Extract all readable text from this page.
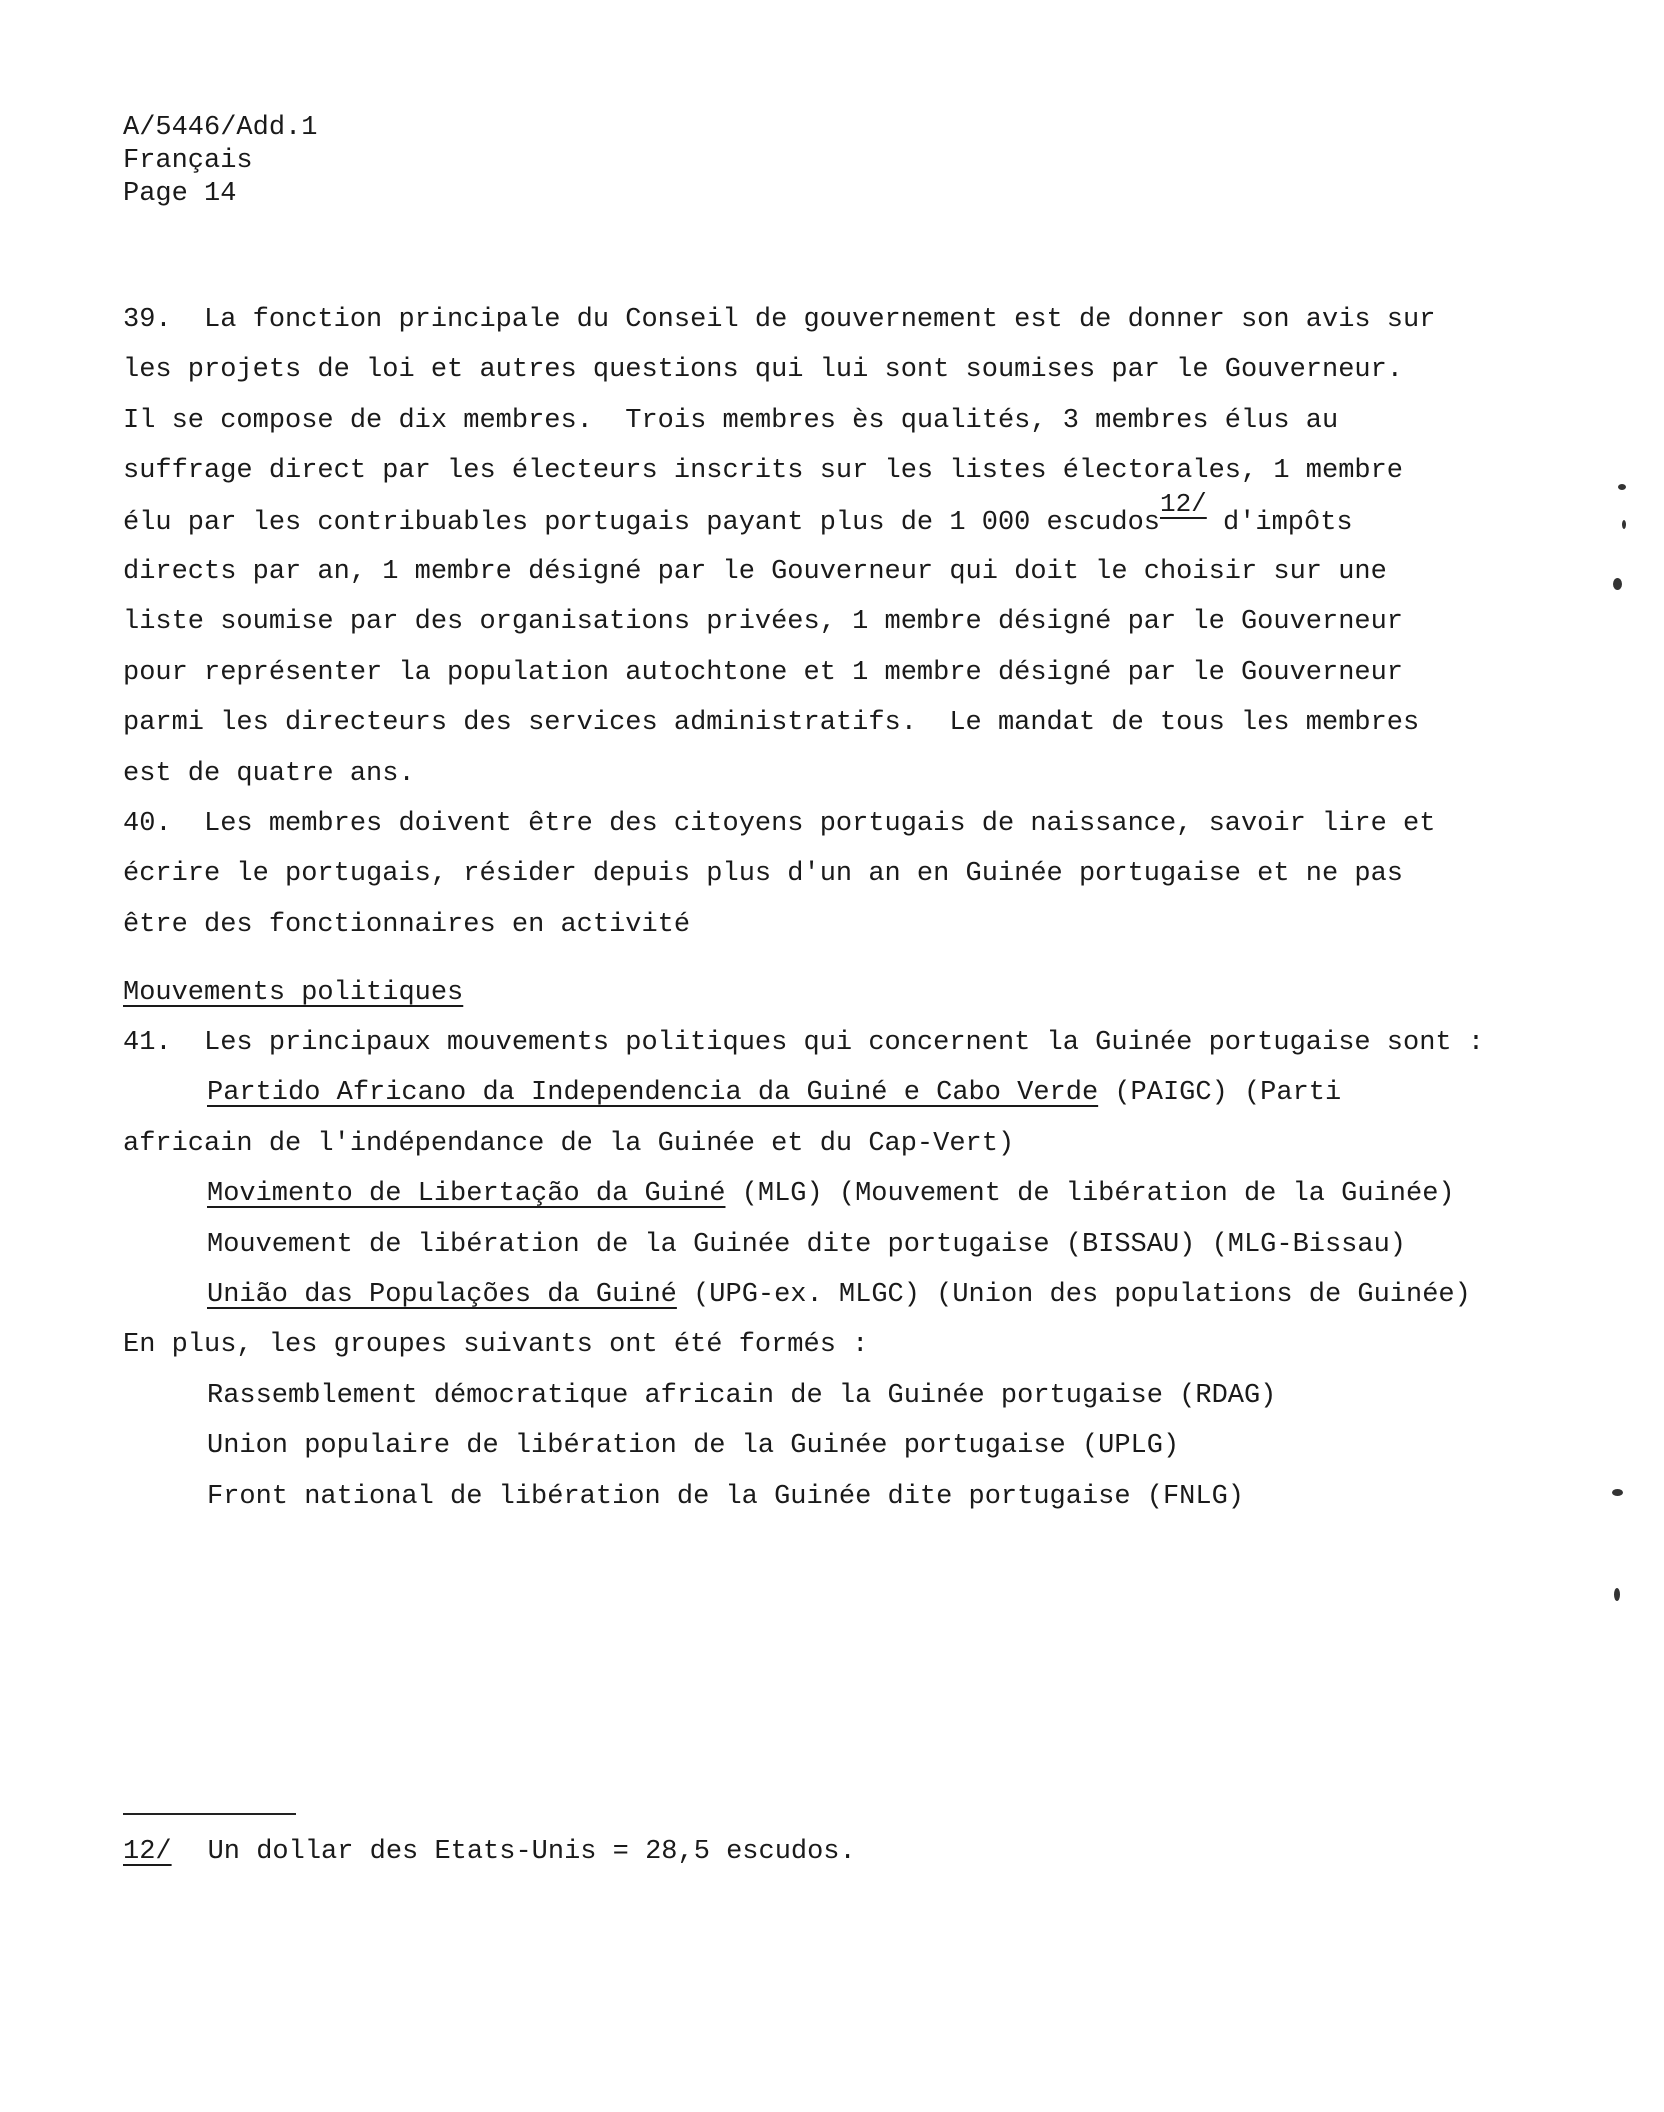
A/5446/Add.1
Français
Page 14
39.  La fonction principale du Conseil de gouvernement est de donner son avis sur
les projets de loi et autres questions qui lui sont soumises par le Gouverneur.
Il se compose de dix membres.  Trois membres ès qualités, 3 membres élus au
suffrage direct par les électeurs inscrits sur les listes électorales, 1 membre
élu par les contribuables portugais payant plus de 1 000 escudos12/ d'impôts
directs par an, 1 membre désigné par le Gouverneur qui doit le choisir sur une
liste soumise par des organisations privées, 1 membre désigné par le Gouverneur
pour représenter la population autochtone et 1 membre désigné par le Gouverneur
parmi les directeurs des services administratifs.  Le mandat de tous les membres
est de quatre ans.
40.  Les membres doivent être des citoyens portugais de naissance, savoir lire et
écrire le portugais, résider depuis plus d'un an en Guinée portugaise et ne pas
être des fonctionnaires en activité
Mouvements politiques
41.  Les principaux mouvements politiques qui concernent la Guinée portugaise sont :
Partido Africano da Independencia da Guiné e Cabo Verde (PAIGC) (Parti
africain de l'indépendance de la Guinée et du Cap-Vert)
Movimento de Libertação da Guiné (MLG) (Mouvement de libération de la Guinée)
Mouvement de libération de la Guinée dite portugaise (BISSAU) (MLG-Bissau)
União das Populações da Guiné (UPG-ex. MLGC) (Union des populations de Guinée)
En plus, les groupes suivants ont été formés :
Rassemblement démocratique africain de la Guinée portugaise (RDAG)
Union populaire de libération de la Guinée portugaise (UPLG)
Front national de libération de la Guinée dite portugaise (FNLG)
12/ Un dollar des Etats-Unis = 28,5 escudos.
